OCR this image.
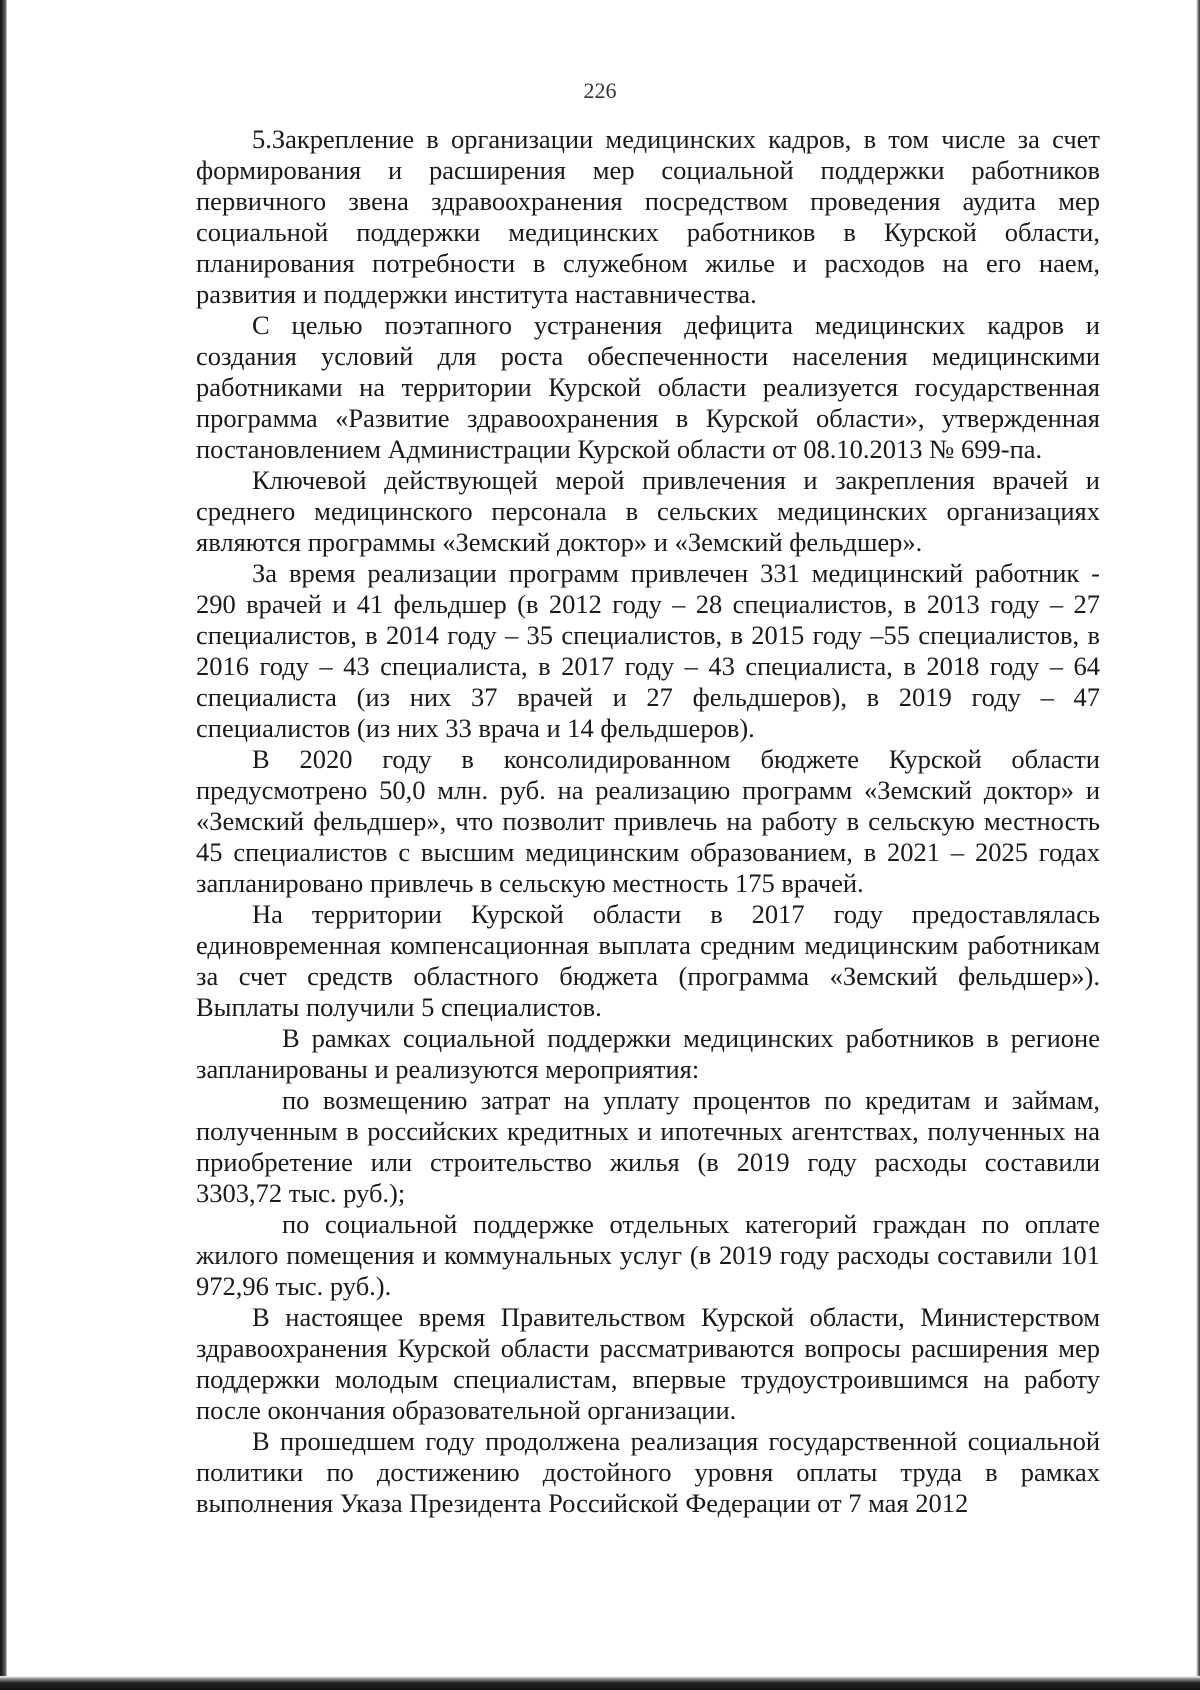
226

5.Закрепление в организации медицинских кадров, в том числе за счет формирования и расширения мер социальной поддержки работников первичного звена здравоохранения посредством проведения аудита мер социальной поддержки медицинских работников в Курской области, планирования потребности в служебном жилье и расходов на его наем, развития и поддержки института наставничества.

С целью поэтапного устранения дефицита медицинских кадров и создания условий для роста обеспеченности населения медицинскими работниками на территории Курской области реализуется государственная программа «Развитие здравоохранения в Курской области», утвержденная постановлением Администрации Курской области от 08.10.2013 № 699-па.

Ключевой действующей мерой привлечения и закрепления врачей и среднего медицинского персонала в сельских медицинских организациях являются программы «Земский доктор» и «Земский фельдшер».

За время реализации программ привлечен 331 медицинский работник - 290 врачей и 41 фельдшер (в 2012 году – 28 специалистов, в 2013 году – 27 специалистов, в 2014 году – 35 специалистов, в 2015 году –55 специалистов, в 2016 году – 43 специалиста, в 2017 году – 43 специалиста, в 2018 году – 64 специалиста (из них 37 врачей и 27 фельдшеров), в 2019 году – 47 специалистов (из них 33 врача и 14 фельдшеров).

В 2020 году в консолидированном бюджете Курской области предусмотрено 50,0 млн. руб. на реализацию программ «Земский доктор» и «Земский фельдшер», что позволит привлечь на работу в сельскую местность 45 специалистов с высшим медицинским образованием, в 2021 – 2025 годах запланировано привлечь в сельскую местность 175 врачей.

На территории Курской области в 2017 году предоставлялась единовременная компенсационная выплата средним медицинским работникам за счет средств областного бюджета (программа «Земский фельдшер»). Выплаты получили 5 специалистов.

В рамках социальной поддержки медицинских работников в регионе запланированы и реализуются мероприятия:

по возмещению затрат на уплату процентов по кредитам и займам, полученным в российских кредитных и ипотечных агентствах, полученных на приобретение или строительство жилья (в 2019 году расходы составили 3303,72 тыс. руб.);

по социальной поддержке отдельных категорий граждан по оплате жилого помещения и коммунальных услуг (в 2019 году расходы составили 101 972,96 тыс. руб.).

В настоящее время Правительством Курской области, Министерством здравоохранения Курской области рассматриваются вопросы расширения мер поддержки молодым специалистам, впервые трудоустроившимся на работу после окончания образовательной организации.

В прошедшем году продолжена реализация государственной социальной политики по достижению достойного уровня оплаты труда в рамках выполнения Указа Президента Российской Федерации от 7 мая 2012
